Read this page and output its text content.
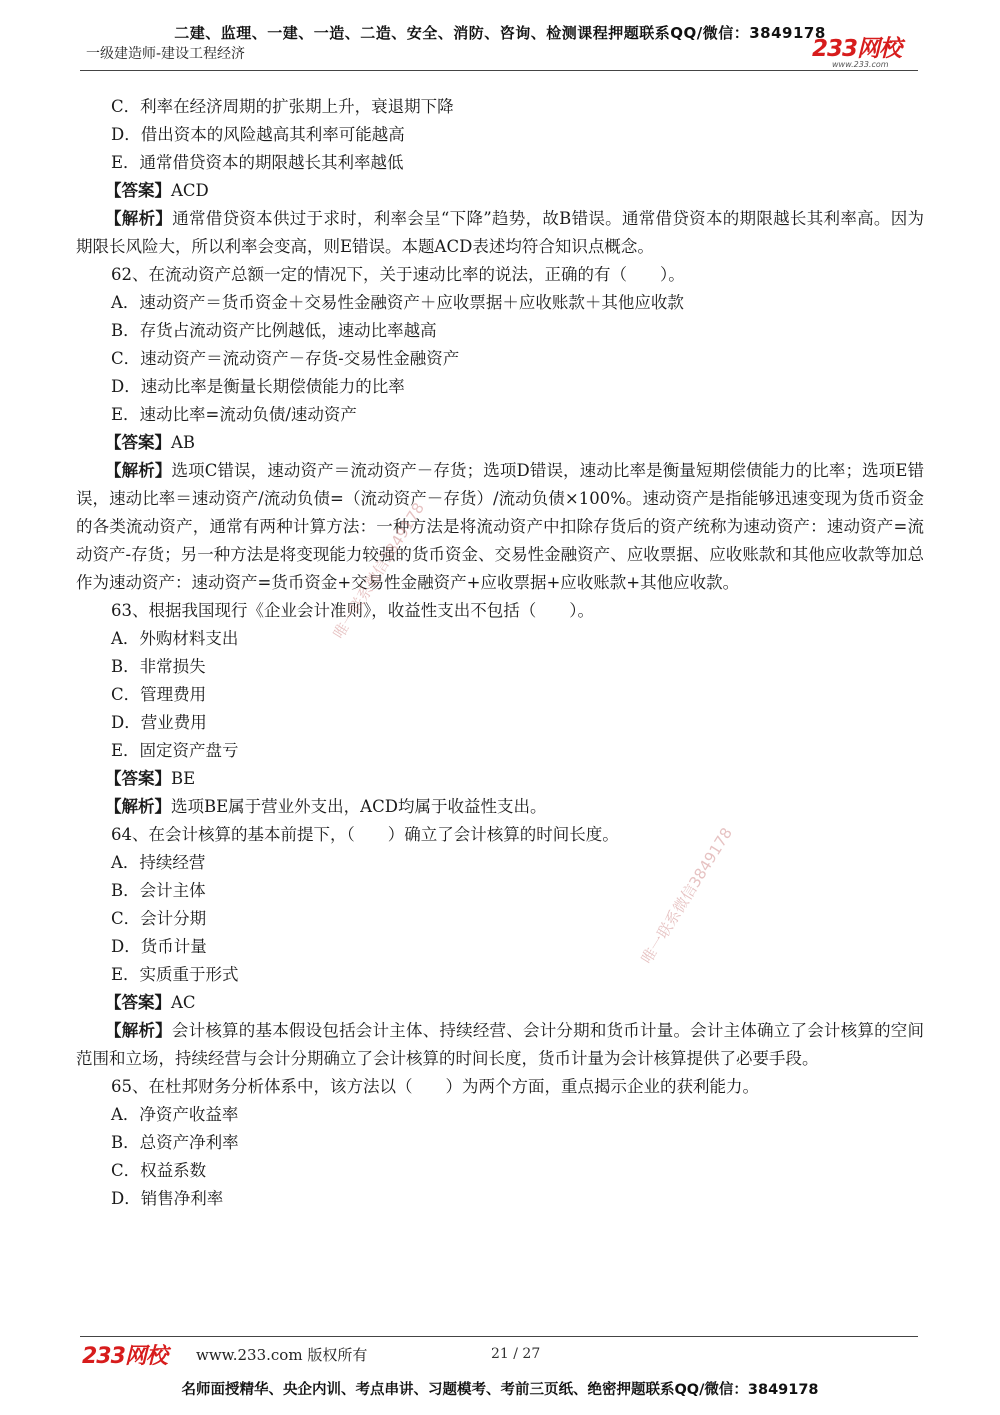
二建、监理、一建、一造、二造、安全、消防、咨询、检测课程押题联系QQ/微信：3849178
一级建造师-建设工程经济	233网校
www.233.com
C．利率在经济周期的扩张期上升，衰退期下降
D．借出资本的风险越高其利率可能越高
E．通常借贷资本的期限越长其利率越低
【答案】ACD
【解析】通常借贷资本供过于求时，利率会呈“下降”趋势，故B错误。通常借贷资本的期限越长其利率高。因为期限长风险大，所以利率会变高，则E错误。本题ACD表述均符合知识点概念。
62、在流动资产总额一定的情况下，关于速动比率的说法，正确的有（　　）。
A．速动资产＝货币资金＋交易性金融资产＋应收票据＋应收账款＋其他应收款
B．存货占流动资产比例越低，速动比率越高
C．速动资产＝流动资产－存货-交易性金融资产
D．速动比率是衡量长期偿债能力的比率
E．速动比率=流动负债/速动资产
【答案】AB
【解析】选项C错误，速动资产＝流动资产－存货；选项D错误，速动比率是衡量短期偿债能力的比率；选项E错误，速动比率＝速动资产/流动负债=（流动资产－存货）/流动负债×100%。速动资产是指能够迅速变现为货币资金的各类流动资产，通常有两种计算方法：一种方法是将流动资产中扣除存货后的资产统称为速动资产：速动资产=流动资产-存货；另一种方法是将变现能力较强的货币资金、交易性金融资产、应收票据、应收账款和其他应收款等加总作为速动资产：速动资产=货币资金+交易性金融资产+应收票据+应收账款+其他应收款。
63、根据我国现行《企业会计准则》，收益性支出不包括（　　）。
A．外购材料支出
B．非常损失
C．管理费用
D．营业费用
E．固定资产盘亏
【答案】BE
【解析】选项BE属于营业外支出，ACD均属于收益性支出。
64、在会计核算的基本前提下，（　　）确立了会计核算的时间长度。
A．持续经营
B．会计主体
C．会计分期
D．货币计量
E．实质重于形式
【答案】AC
【解析】会计核算的基本假设包括会计主体、持续经营、会计分期和货币计量。会计主体确立了会计核算的空间范围和立场，持续经营与会计分期确立了会计核算的时间长度，货币计量为会计核算提供了必要手段。
65、在杜邦财务分析体系中，该方法以（　　）为两个方面，重点揭示企业的获利能力。
A．净资产收益率
B．总资产净利率
C．权益系数
D．销售净利率
唯一联系微信3849178
唯一联系微信3849178
233网校 www.233.com 版权所有	21 / 27
名师面授精华、央企内训、考点串讲、习题模考、考前三页纸、绝密押题联系QQ/微信：3849178
